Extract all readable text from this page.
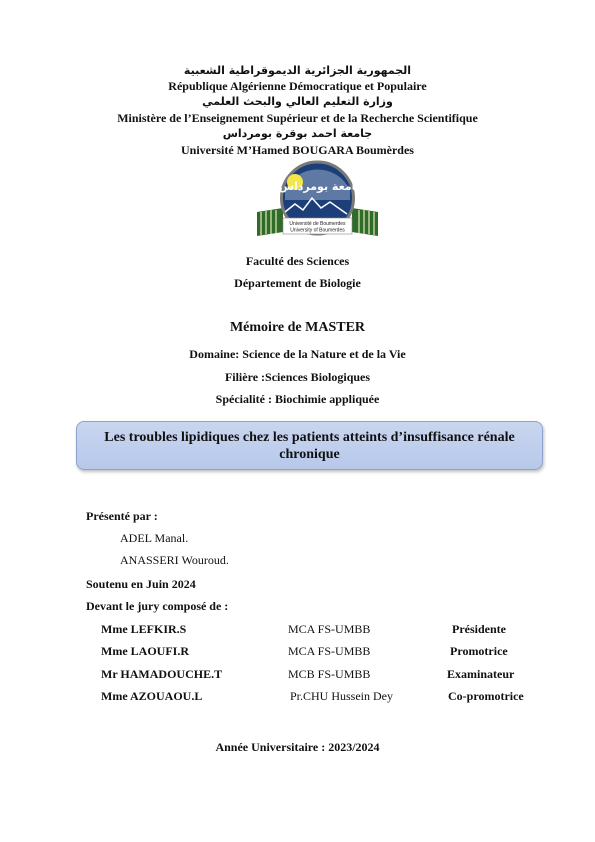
الجمهورية الجزائرية الديموقراطية الشعبية
République Algérienne Démocratique et Populaire
وزارة التعليم العالي والبحث العلمي
Ministère de l’Enseignement Supérieur et de la Recherche Scientifique
جامعة احمد بوقرة بومرداس
Université M’Hamed BOUGARA Boumèrdes
جــامعة بومرداس
Université de Boumerdes
University of Boumerdes
Faculté des Sciences
Département de Biologie
Mémoire de MASTER
Domaine: Science de la Nature et de la Vie
Filière :Sciences Biologiques
Spécialité : Biochimie appliquée
Les troubles lipidiques chez les patients atteints d’insuffisance rénale chronique
Présenté par :
ADEL Manal.
ANASSERI Wouroud.
Soutenu en Juin 2024
Devant le jury composé de :
Mme LEFKIR.S	MCA FS-UMBB	Présidente
Mme LAOUFI.R	MCA FS-UMBB	Promotrice
Mr HAMADOUCHE.T	MCB FS-UMBB	Examinateur
Mme AZOUAOU.L	Pr.CHU Hussein Dey	Co-promotrice
Année Universitaire : 2023/2024
